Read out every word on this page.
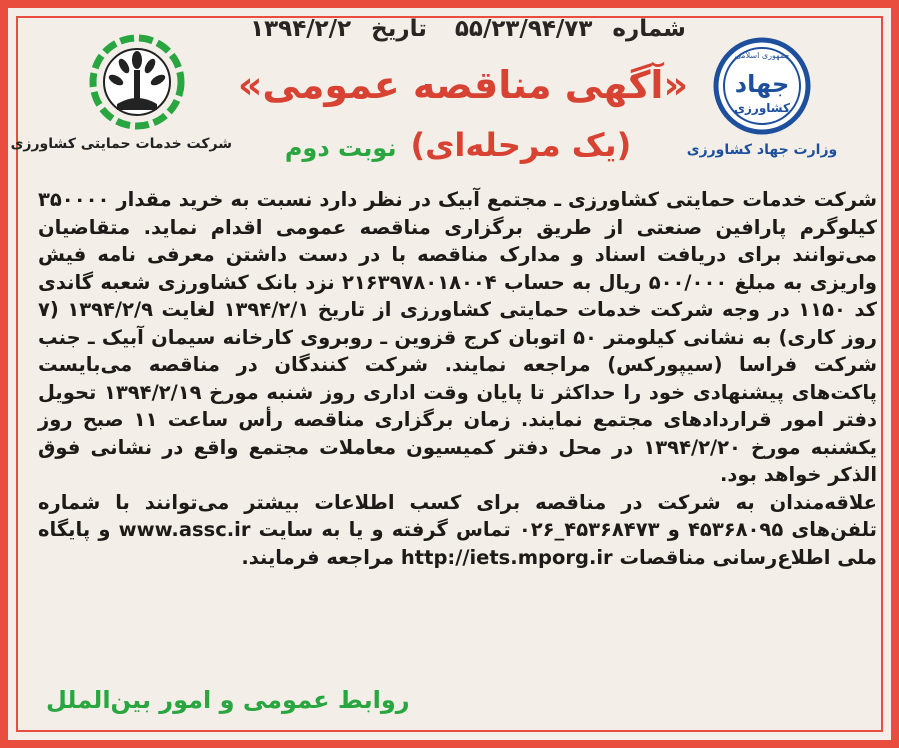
شماره۵۵/۲۳/۹۴/۷۳ تاریخ۱۳۹۴/۲/۲
شرکت خدمات حمایتی کشاورزی
جمهوری اسلامی
جهاد
کشاورزی
وزارت جهاد کشاورزی
«آگهی مناقصه عمومی»
(یک مرحله‌ای)نوبت دوم

شرکت خدمات حمایتی کشاورزی ـ مجتمع آبیک در نظر دارد نسبت به خرید مقدار ۳۵۰۰۰۰ کیلوگرم پارافین صنعتی از طریق برگزاری مناقصه عمومی اقدام نماید. متقاضیان می‌توانند برای دریافت اسناد و مدارک مناقصه با در دست داشتن معرفی نامه فیش واریزی به مبلغ ۵۰۰/۰۰۰ ریال به حساب ۲۱۶۳۹۷۸۰۱۸۰۰۴ نزد بانک کشاورزی شعبه گاندی کد ۱۱۵۰ در وجه شرکت خدمات حمایتی کشاورزی از تاریخ ۱۳۹۴/۲/۱ لغایت ۱۳۹۴/۲/۹ (۷ روز کاری) به نشانی کیلومتر ۵۰ اتوبان کرج قزوین ـ روبروی کارخانه سیمان آبیک ـ جنب شرکت فراسا (سیپورکس) مراجعه نمایند. شرکت کنندگان در مناقصه می‌بایست پاکت‌های پیشنهادی خود را حداکثر تا پایان وقت اداری روز شنبه مورخ ۱۳۹۴/۲/۱۹ تحویل دفتر امور قراردادهای مجتمع نمایند. زمان برگزاری مناقصه رأس ساعت ۱۱ صبح روز یکشنبه مورخ ۱۳۹۴/۲/۲۰ در محل دفتر کمیسیون معاملات مجتمع واقع در نشانی فوق الذکر خواهد بود.

علاقه‌مندان به شرکت در مناقصه برای کسب اطلاعات بیشتر می‌توانند با شماره تلفن‌های ۴۵۳۶۸۰۹۵ و ۴۵۳۶۸۴۷۳_۰۲۶ تماس گرفته و یا به سایت www.assc.ir و پایگاه ملی اطلاع‌رسانی مناقصات http://iets.mporg.ir مراجعه فرمایند.

روابط عمومی و امور بین‌الملل
